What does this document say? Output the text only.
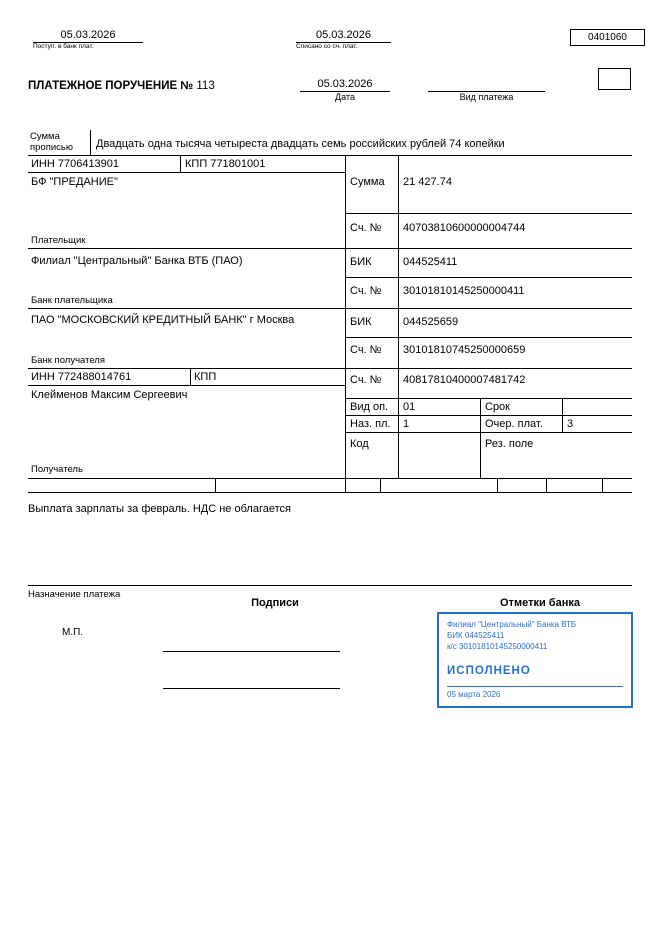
05.03.2026
Поступ. в банк плат.
05.03.2026
Списано со сч. плат.
0401060
ПЛАТЕЖНОЕ ПОРУЧЕНИЕ № 113	05.03.2026
Дата	Вид платежа
Сумма
прописью	Двадцать одна тысяча четыреста двадцать семь российских рублей 74 копейки
ИНН 7706413901	КПП 771801001
БФ "ПРЕДАНИЕ"
Плательщик
Сумма 21 427.74
Сч. № 40703810600000004744
Филиал "Центральный" Банка ВТБ (ПАО)
Банк плательщика
БИК	044525411
Сч. № 30101810145250000411
ПАО "МОСКОВСКИЙ КРЕДИТНЫЙ БАНК" г Москва
Банк получателя
БИК	044525659
Сч. № 30101810745250000659
ИНН 772488014761	КПП
Клейменов Максим Сергеевич
Получатель
Сч. № 40817810400007481742
Вид оп. 01	Срок
Наз. пл. 1	Очер. плат. 3
Код	Рез. поле
Выплата зарплаты за февраль. НДС не облагается
Назначение платежа
Подписи	Отметки банка
М.П.
Филиал "Центральный" Банка ВТБ
БИК 044525411
к/с 30101810145250000411
ИСПОЛНЕНО
05 марта 2026
